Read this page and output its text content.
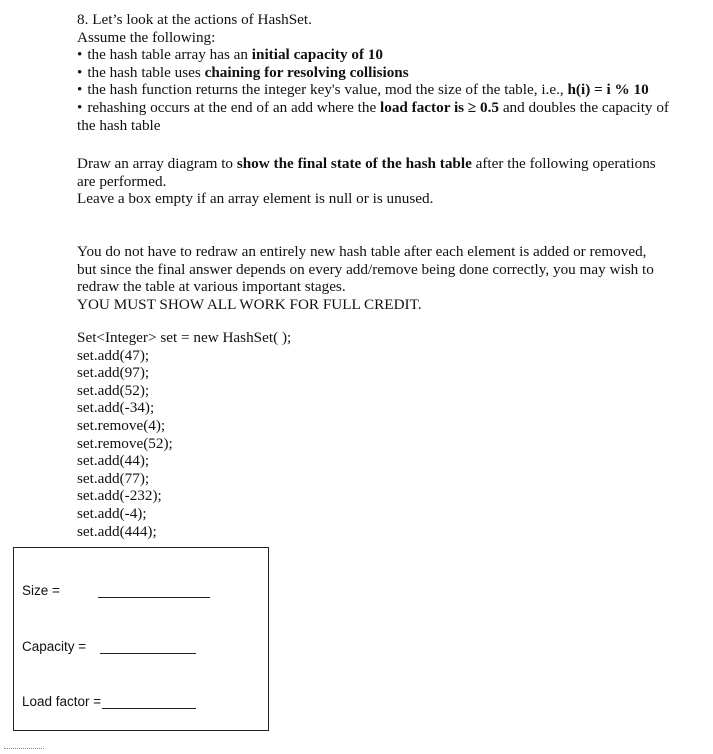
8. Let’s look at the actions of HashSet.
Assume the following:
• the hash table array has an initial capacity of 10
• the hash table uses chaining for resolving collisions
• the hash function returns the integer key's value, mod the size of the table, i.e., h(i) = i % 10
• rehashing occurs at the end of an add where the load factor is ≥ 0.5 and doubles the capacity of
the hash table
Draw an array diagram to show the final state of the hash table after the following operations
are performed.
Leave a box empty if an array element is null or is unused.
You do not have to redraw an entirely new hash table after each element is added or removed,
but since the final answer depends on every add/remove being done correctly, you may wish to
redraw the table at various important stages.
YOU MUST SHOW ALL WORK FOR FULL CREDIT.
Set<Integer> set = new HashSet( );
set.add(47);
set.add(97);
set.add(52);
set.add(-34);
set.remove(4);
set.remove(52);
set.add(44);
set.add(77);
set.add(-232);
set.add(-4);
set.add(444);
Size =
Capacity =
Load factor =
